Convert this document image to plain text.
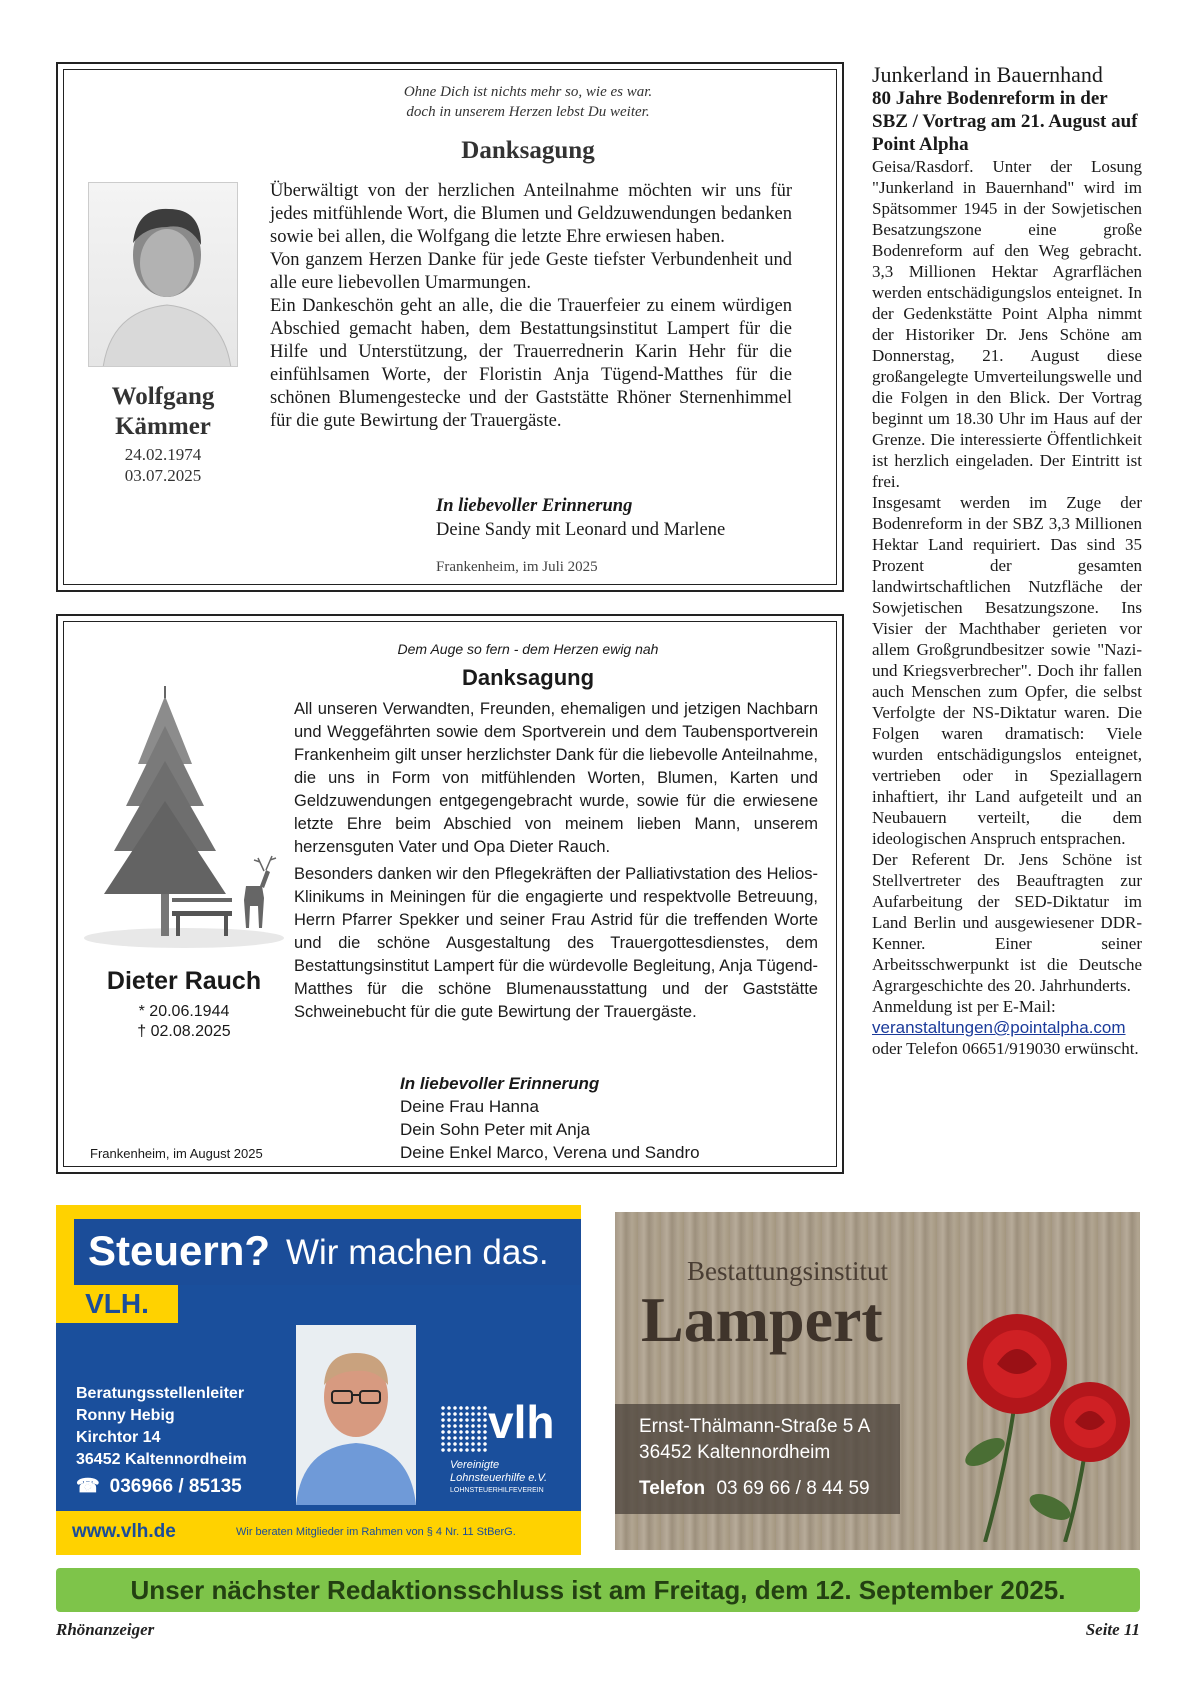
Ohne Dich ist nichts mehr so, wie es war.
doch in unserem Herzen lebst Du weiter.
Danksagung
Wolfgang
Kämmer
24.02.1974
03.07.2025

Überwältigt von der herzlichen Anteilnahme möchten wir uns für jedes mitfühlende Wort, die Blumen und Geldzuwendungen bedanken sowie bei allen, die Wolfgang die letzte Ehre erwiesen haben.

Von ganzem Herzen Danke für jede Geste tiefster Verbundenheit und alle eure liebevollen Umarmungen.

Ein Dankeschön geht an alle, die die Trauerfeier zu einem würdigen Abschied gemacht haben, dem Bestattungsinstitut Lampert für die Hilfe und Unterstützung, der Trauerrednerin Karin Hehr für die einfühlsamen Worte, der Floristin Anja Tügend-Matthes für die schönen Blumengestecke und der Gaststätte Rhöner Sternenhimmel für die gute Bewirtung der Trauergäste.

In liebevoller Erinnerung
Deine Sandy mit Leonard und Marlene
Frankenheim, im Juli 2025
Dem Auge so fern - dem Herzen ewig nah
Danksagung
Dieter Rauch
* 20.06.1944
† 02.08.2025
Frankenheim, im August 2025

All unseren Verwandten, Freunden, ehemaligen und jetzigen Nachbarn und Weggefährten sowie dem Sportverein und dem Taubensportverein Frankenheim gilt unser herzlichster Dank für die liebevolle Anteilnahme, die uns in Form von mitfühlenden Worten, Blumen, Karten und Geldzuwendungen entgegengebracht wurde, sowie für die erwiesene letzte Ehre beim Abschied von meinem lieben Mann, unserem herzensguten Vater und Opa Dieter Rauch.

Besonders danken wir den Pflegekräften der Palliativstation des Helios-Klinikums in Meiningen für die engagierte und respektvolle Betreuung, Herrn Pfarrer Spekker und seiner Frau Astrid für die treffenden Worte und die schöne Ausgestaltung des Trauergottesdienstes, dem Bestattungsinstitut Lampert für die würdevolle Begleitung, Anja Tügend-Matthes für die schöne Blumenausstattung und der Gaststätte Schweinebucht für die gute Bewirtung der Trauergäste.

In liebevoller Erinnerung
Deine Frau Hanna
Dein Sohn Peter mit Anja
Deine Enkel Marco, Verena und Sandro
Junkerland in Bauernhand
80 Jahre Bodenreform in der SBZ / Vortrag am 21. August auf Point Alpha

Geisa/Rasdorf. Unter der Losung "Junkerland in Bauernhand" wird im Spätsommer 1945 in der Sowjetischen Besatzungszone eine große Bodenreform auf den Weg gebracht. 3,3 Millionen Hektar Agrarflächen werden entschädigungslos enteignet. In der Gedenkstätte Point Alpha nimmt der Historiker Dr. Jens Schöne am Donnerstag, 21. August diese großangelegte Umverteilungswelle und die Folgen in den Blick. Der Vortrag beginnt um 18.30 Uhr im Haus auf der Grenze. Die interessierte Öffentlichkeit ist herzlich eingeladen. Der Eintritt ist frei.

Insgesamt werden im Zuge der Bodenreform in der SBZ 3,3 Millionen Hektar Land requiriert. Das sind 35 Prozent der gesamten landwirtschaftlichen Nutzfläche der Sowjetischen Besatzungszone. Ins Visier der Machthaber gerieten vor allem Großgrundbesitzer sowie "Nazi- und Kriegsverbrecher". Doch ihr fallen auch Menschen zum Opfer, die selbst Verfolgte der NS-Diktatur waren. Die Folgen waren dramatisch: Viele wurden entschädigungslos enteignet, vertrieben oder in Speziallagern inhaftiert, ihr Land aufgeteilt und an Neubauern verteilt, die dem ideologischen Anspruch entsprachen.

Der Referent Dr. Jens Schöne ist Stellvertreter des Beauftragten zur Aufarbeitung der SED-Diktatur im Land Berlin und ausgewiesener DDR-Kenner. Einer seiner Arbeitsschwerpunkt ist die Deutsche Agrargeschichte des 20. Jahrhunderts.

Anmeldung ist per E-Mail:

veranstaltungen@pointalpha.com

oder Telefon 06651/919030 erwünscht.

Steuern? Wir machen das.
VLH.
Beratungsstellenleiter
Ronny Hebig
Kirchtor 14
36452 Kaltennordheim
☎ 036966 / 85135
vlh
Vereinigte
Lohnsteuerhilfe e.V.
LOHNSTEUERHILFEVEREIN
www.vlh.de	Wir beraten Mitglieder im Rahmen von § 4 Nr. 11 StBerG.
Bestattungsinstitut
Lampert
Ernst-Thälmann-Straße 5 A
36452 Kaltennordheim
Telefon 03 69 66 / 8 44 59
Unser nächster Redaktionsschluss ist am Freitag, dem 12. September 2025.
Rhönanzeiger	Seite 11
